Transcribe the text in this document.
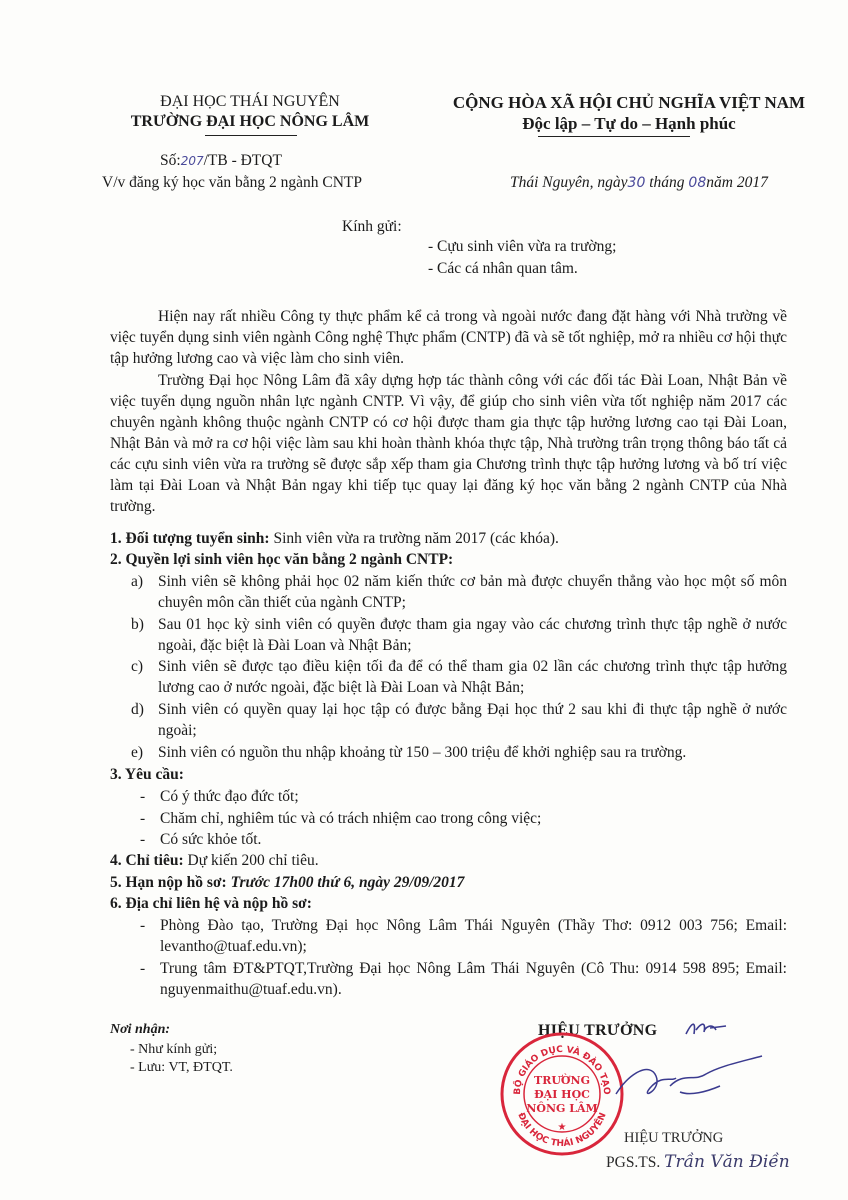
ĐẠI HỌC THÁI NGUYÊN
TRƯỜNG ĐẠI HỌC NÔNG LÂM
CỘNG HÒA XÃ HỘI CHỦ NGHĨA VIỆT NAM
Độc lập – Tự do – Hạnh phúc
Số:207/TB - ĐTQT
V/v đăng ký học văn bằng 2 ngành CNTP	Thái Nguyên, ngày30 tháng 08năm 2017
Kính gửi:
- Cựu sinh viên vừa ra trường;
- Các cá nhân quan tâm.
Hiện nay rất nhiều Công ty thực phẩm kể cả trong và ngoài nước đang đặt hàng với Nhà trường về việc tuyển dụng sinh viên ngành Công nghệ Thực phẩm (CNTP) đã và sẽ tốt nghiệp, mở ra nhiều cơ hội thực tập hưởng lương cao và việc làm cho sinh viên.
Trường Đại học Nông Lâm đã xây dựng hợp tác thành công với các đối tác Đài Loan, Nhật Bản về việc tuyển dụng nguồn nhân lực ngành CNTP. Vì vậy, để giúp cho sinh viên vừa tốt nghiệp năm 2017 các chuyên ngành không thuộc ngành CNTP có cơ hội được tham gia thực tập hưởng lương cao tại Đài Loan, Nhật Bản và mở ra cơ hội việc làm sau khi hoàn thành khóa thực tập, Nhà trường trân trọng thông báo tất cả các cựu sinh viên vừa ra trường sẽ được sắp xếp tham gia Chương trình thực tập hưởng lương và bố trí việc làm tại Đài Loan và Nhật Bản ngay khi tiếp tục quay lại đăng ký học văn bằng 2 ngành CNTP của Nhà trường.
1. Đối tượng tuyển sinh: Sinh viên vừa ra trường năm 2017 (các khóa).
2. Quyền lợi sinh viên học văn bằng 2 ngành CNTP:
a) Sinh viên sẽ không phải học 02 năm kiến thức cơ bản mà được chuyển thẳng vào học một số môn chuyên môn cần thiết của ngành CNTP;
b) Sau 01 học kỳ sinh viên có quyền được tham gia ngay vào các chương trình thực tập nghề ở nước ngoài, đặc biệt là Đài Loan và Nhật Bản;
c) Sinh viên sẽ được tạo điều kiện tối đa để có thể tham gia 02 lần các chương trình thực tập hưởng lương cao ở nước ngoài, đặc biệt là Đài Loan và Nhật Bản;
d) Sinh viên có quyền quay lại học tập có được bằng Đại học thứ 2 sau khi đi thực tập nghề ở nước ngoài;
e) Sinh viên có nguồn thu nhập khoảng từ 150 – 300 triệu để khởi nghiệp sau ra trường.
3. Yêu cầu:
- Có ý thức đạo đức tốt;
- Chăm chỉ, nghiêm túc và có trách nhiệm cao trong công việc;
- Có sức khỏe tốt.
4. Chỉ tiêu: Dự kiến 200 chỉ tiêu.
5. Hạn nộp hồ sơ: Trước 17h00 thứ 6, ngày 29/09/2017
6. Địa chỉ liên hệ và nộp hồ sơ:
- Phòng Đào tạo, Trường Đại học Nông Lâm Thái Nguyên (Thầy Thơ: 0912 003 756; Email: levantho@tuaf.edu.vn);
- Trung tâm ĐT&PTQT,Trường Đại học Nông Lâm Thái Nguyên (Cô Thu: 0914 598 895; Email: nguyenmaithu@tuaf.edu.vn).
Nơi nhận:
- Như kính gửi;
- Lưu: VT, ĐTQT.
HIỆU TRƯỞNG
BỘ GIÁO DỤC VÀ ĐÀO TẠO
ĐẠI HỌC THÁI NGUYÊN
TRƯỜNG
ĐẠI HỌC
NÔNG LÂM
★
HIỆU TRƯỞNG
PGS.TS. Trần Văn Điền
